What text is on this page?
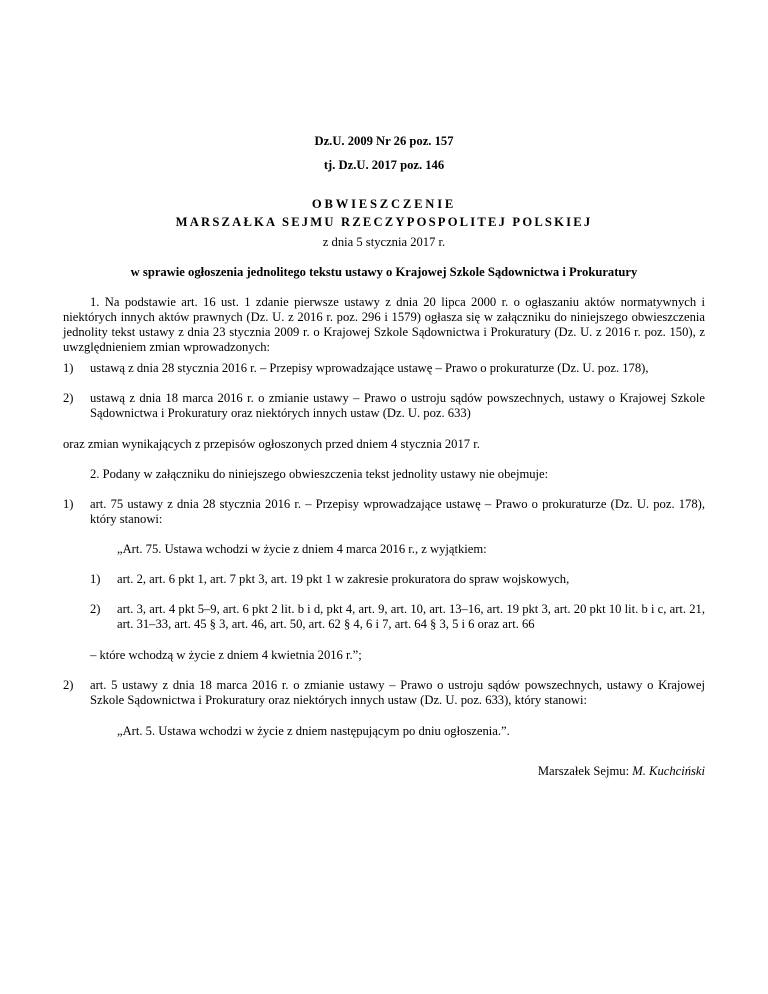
Dz.U. 2009 Nr 26 poz. 157
tj. Dz.U. 2017 poz. 146
OBWIESZCZENIE
MARSZAŁKA SEJMU RZECZYPOSPOLITEJ POLSKIEJ
z dnia 5 stycznia 2017 r.
w sprawie ogłoszenia jednolitego tekstu ustawy o Krajowej Szkole Sądownictwa i Prokuratury
1. Na podstawie art. 16 ust. 1 zdanie pierwsze ustawy z dnia 20 lipca 2000 r. o ogłaszaniu aktów normatywnych i niektórych innych aktów prawnych (Dz. U. z 2016 r. poz. 296 i 1579) ogłasza się w załączniku do niniejszego obwieszczenia jednolity tekst ustawy z dnia 23 stycznia 2009 r. o Krajowej Szkole Sądownictwa i Prokuratury (Dz. U. z 2016 r. poz. 150), z uwzględnieniem zmian wprowadzonych:
1)	ustawą z dnia 28 stycznia 2016 r. – Przepisy wprowadzające ustawę – Prawo o prokuraturze (Dz. U. poz. 178),
2)	ustawą z dnia 18 marca 2016 r. o zmianie ustawy – Prawo o ustroju sądów powszechnych, ustawy o Krajowej Szkole Sądownictwa i Prokuratury oraz niektórych innych ustaw (Dz. U. poz. 633)
oraz zmian wynikających z przepisów ogłoszonych przed dniem 4 stycznia 2017 r.
2. Podany w załączniku do niniejszego obwieszczenia tekst jednolity ustawy nie obejmuje:
1)	art. 75 ustawy z dnia 28 stycznia 2016 r. – Przepisy wprowadzające ustawę – Prawo o prokuraturze (Dz. U. poz. 178), który stanowi:
„Art. 75. Ustawa wchodzi w życie z dniem 4 marca 2016 r., z wyjątkiem:
1)	art. 2, art. 6 pkt 1, art. 7 pkt 3, art. 19 pkt 1 w zakresie prokuratora do spraw wojskowych,
2)	art. 3, art. 4 pkt 5–9, art. 6 pkt 2 lit. b i d, pkt 4, art. 9, art. 10, art. 13–16, art. 19 pkt 3, art. 20 pkt 10 lit. b i c, art. 21, art. 31–33, art. 45 § 3, art. 46, art. 50, art. 62 § 4, 6 i 7, art. 64 § 3, 5 i 6 oraz art. 66
– które wchodzą w życie z dniem 4 kwietnia 2016 r.”;
2)	art. 5 ustawy z dnia 18 marca 2016 r. o zmianie ustawy – Prawo o ustroju sądów powszechnych, ustawy o Krajowej Szkole Sądownictwa i Prokuratury oraz niektórych innych ustaw (Dz. U. poz. 633), który stanowi:
„Art. 5. Ustawa wchodzi w życie z dniem następującym po dniu ogłoszenia.”.
Marszałek Sejmu: M. Kuchciński
